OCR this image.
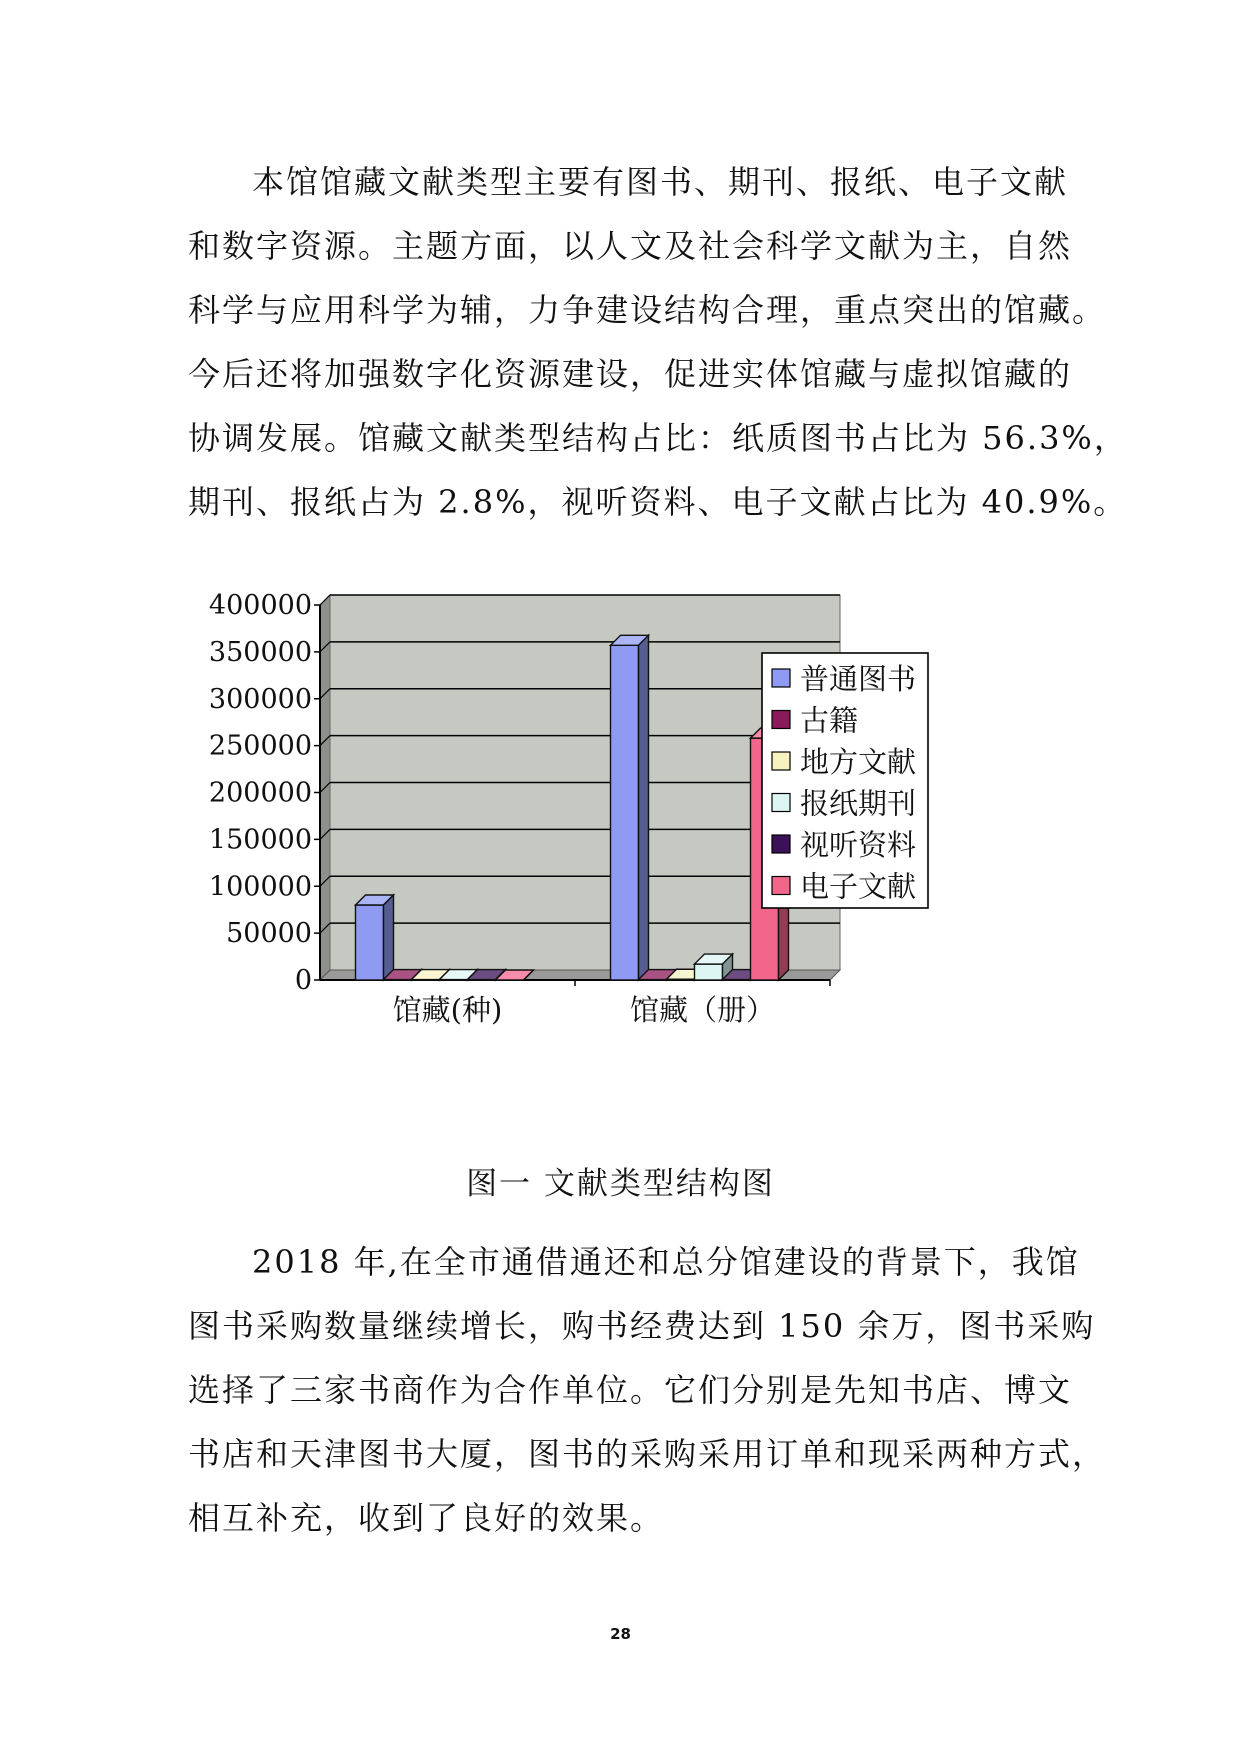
本馆馆藏文献类型主要有图书、期刊、报纸、电子文献
和数字资源。主题方面，以人文及社会科学文献为主，自然
科学与应用科学为辅，力争建设结构合理，重点突出的馆藏。
今后还将加强数字化资源建设，促进实体馆藏与虚拟馆藏的
协调发展。馆藏文献类型结构占比：纸质图书占比为 56.3%，
期刊、报纸占为 2.8%，视听资料、电子文献占比为 40.9%。
400000
350000
300000
250000
200000
150000
100000
50000
0
馆藏(种)	馆藏（册）
普通图书
古籍
地方文献
报纸期刊
视听资料
电子文献

图一 文献类型结构图

2018 年,在全市通借通还和总分馆建设的背景下，我馆
图书采购数量继续增长，购书经费达到 150 余万，图书采购
选择了三家书商作为合作单位。它们分别是先知书店、博文
书店和天津图书大厦，图书的采购采用订单和现采两种方式，
相互补充，收到了良好的效果。
28
